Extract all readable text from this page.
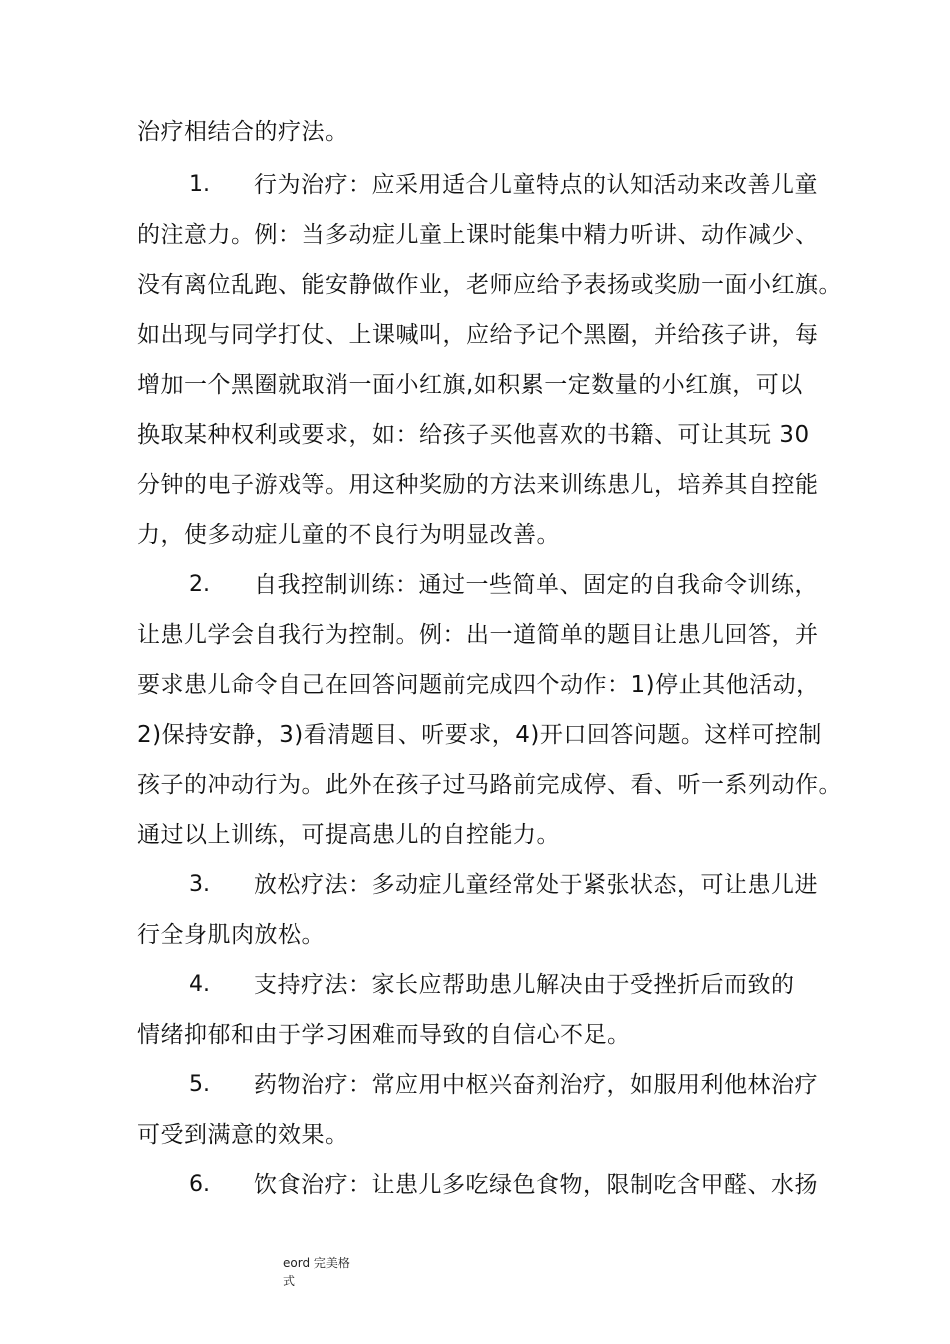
治疗相结合的疗法。
1. 行为治疗：应采用适合儿童特点的认知活动来改善儿童
的注意力。例：当多动症儿童上课时能集中精力听讲、动作减少、
没有离位乱跑、能安静做作业，老师应给予表扬或奖励一面小红旗。
如出现与同学打仗、上课喊叫，应给予记个黑圈，并给孩子讲，每
增加一个黑圈就取消一面小红旗,如积累一定数量的小红旗，可以
换取某种权利或要求，如：给孩子买他喜欢的书籍、可让其玩 30
分钟的电子游戏等。用这种奖励的方法来训练患儿，培养其自控能
力，使多动症儿童的不良行为明显改善。
2. 自我控制训练：通过一些简单、固定的自我命令训练，
让患儿学会自我行为控制。例：出一道简单的题目让患儿回答，并
要求患儿命令自己在回答问题前完成四个动作：1)停止其他活动，
2)保持安静，3)看清题目、听要求，4)开口回答问题。这样可控制
孩子的冲动行为。此外在孩子过马路前完成停、看、听一系列动作。
通过以上训练，可提高患儿的自控能力。
3. 放松疗法：多动症儿童经常处于紧张状态，可让患儿进
行全身肌肉放松。
4. 支持疗法：家长应帮助患儿解决由于受挫折后而致的
情绪抑郁和由于学习困难而导致的自信心不足。
5. 药物治疗：常应用中枢兴奋剂治疗，如服用利他林治疗
可受到满意的效果。
6. 饮食治疗：让患儿多吃绿色食物，限制吃含甲醛、水扬
eord 完美格
式
